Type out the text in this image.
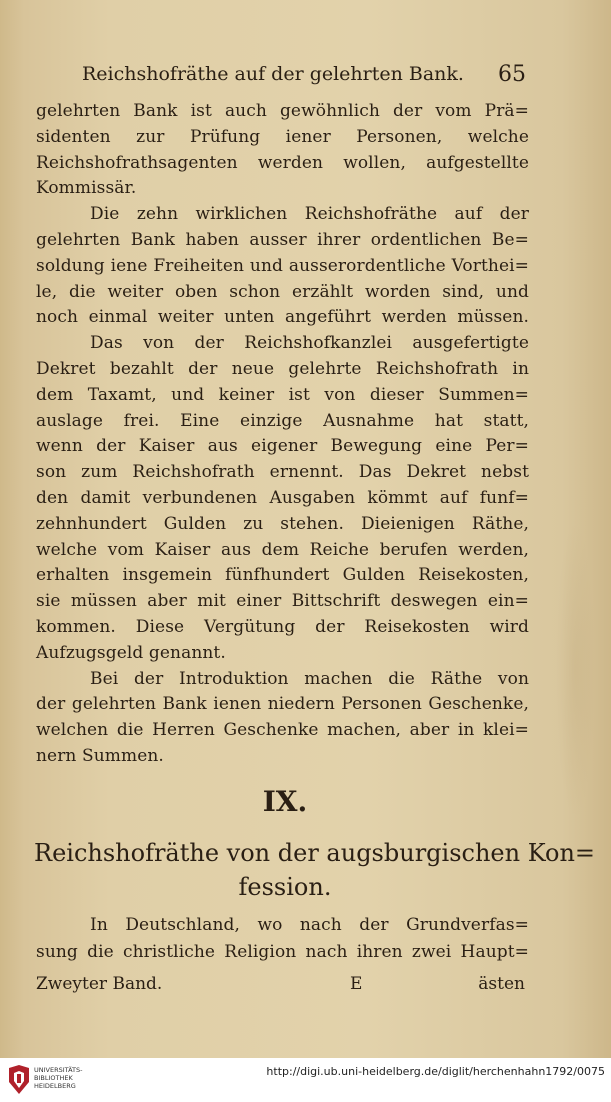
Reichshofräthe auf der gelehrten Bank.	65

gelehrten Bank ist auch gewöhnlich der vom Prä=

sidenten zur Prüfung iener Personen, welche

Reichshofrathsagenten werden wollen, aufgestellte

Kommissär.

Die zehn wirklichen Reichshofräthe auf der

gelehrten Bank haben ausser ihrer ordentlichen Be=

soldung iene Freiheiten und ausserordentliche Vorthei=

le, die weiter oben schon erzählt worden sind, und

noch einmal weiter unten angeführt werden müssen.

Das von der Reichshofkanzlei ausgefertigte

Dekret bezahlt der neue gelehrte Reichshofrath in

dem Taxamt, und keiner ist von dieser Summen=

auslage frei. Eine einzige Ausnahme hat statt,

wenn der Kaiser aus eigener Bewegung eine Per=

son zum Reichshofrath ernennt. Das Dekret nebst

den damit verbundenen Ausgaben kömmt auf funf=

zehnhundert Gulden zu stehen. Dieienigen Räthe,

welche vom Kaiser aus dem Reiche berufen werden,

erhalten insgemein fünfhundert Gulden Reisekosten,

sie müssen aber mit einer Bittschrift deswegen ein=

kommen. Diese Vergütung der Reisekosten wird

Aufzugsgeld genannt.

Bei der Introduktion machen die Räthe von

der gelehrten Bank ienen niedern Personen Geschenke,

welchen die Herren Geschenke machen, aber in klei=

nern Summen.

IX.
Reichshofräthe von der augsburgischen Kon=
fession.

In Deutschland, wo nach der Grundverfas=

sung die christliche Religion nach ihren zwei Haupt=

Zweyter Band.	E	ästen
UNIVERSITÄTS-
BIBLIOTHEK
HEIDELBERG
http://digi.ub.uni-heidelberg.de/diglit/herchenhahn1792/0075
